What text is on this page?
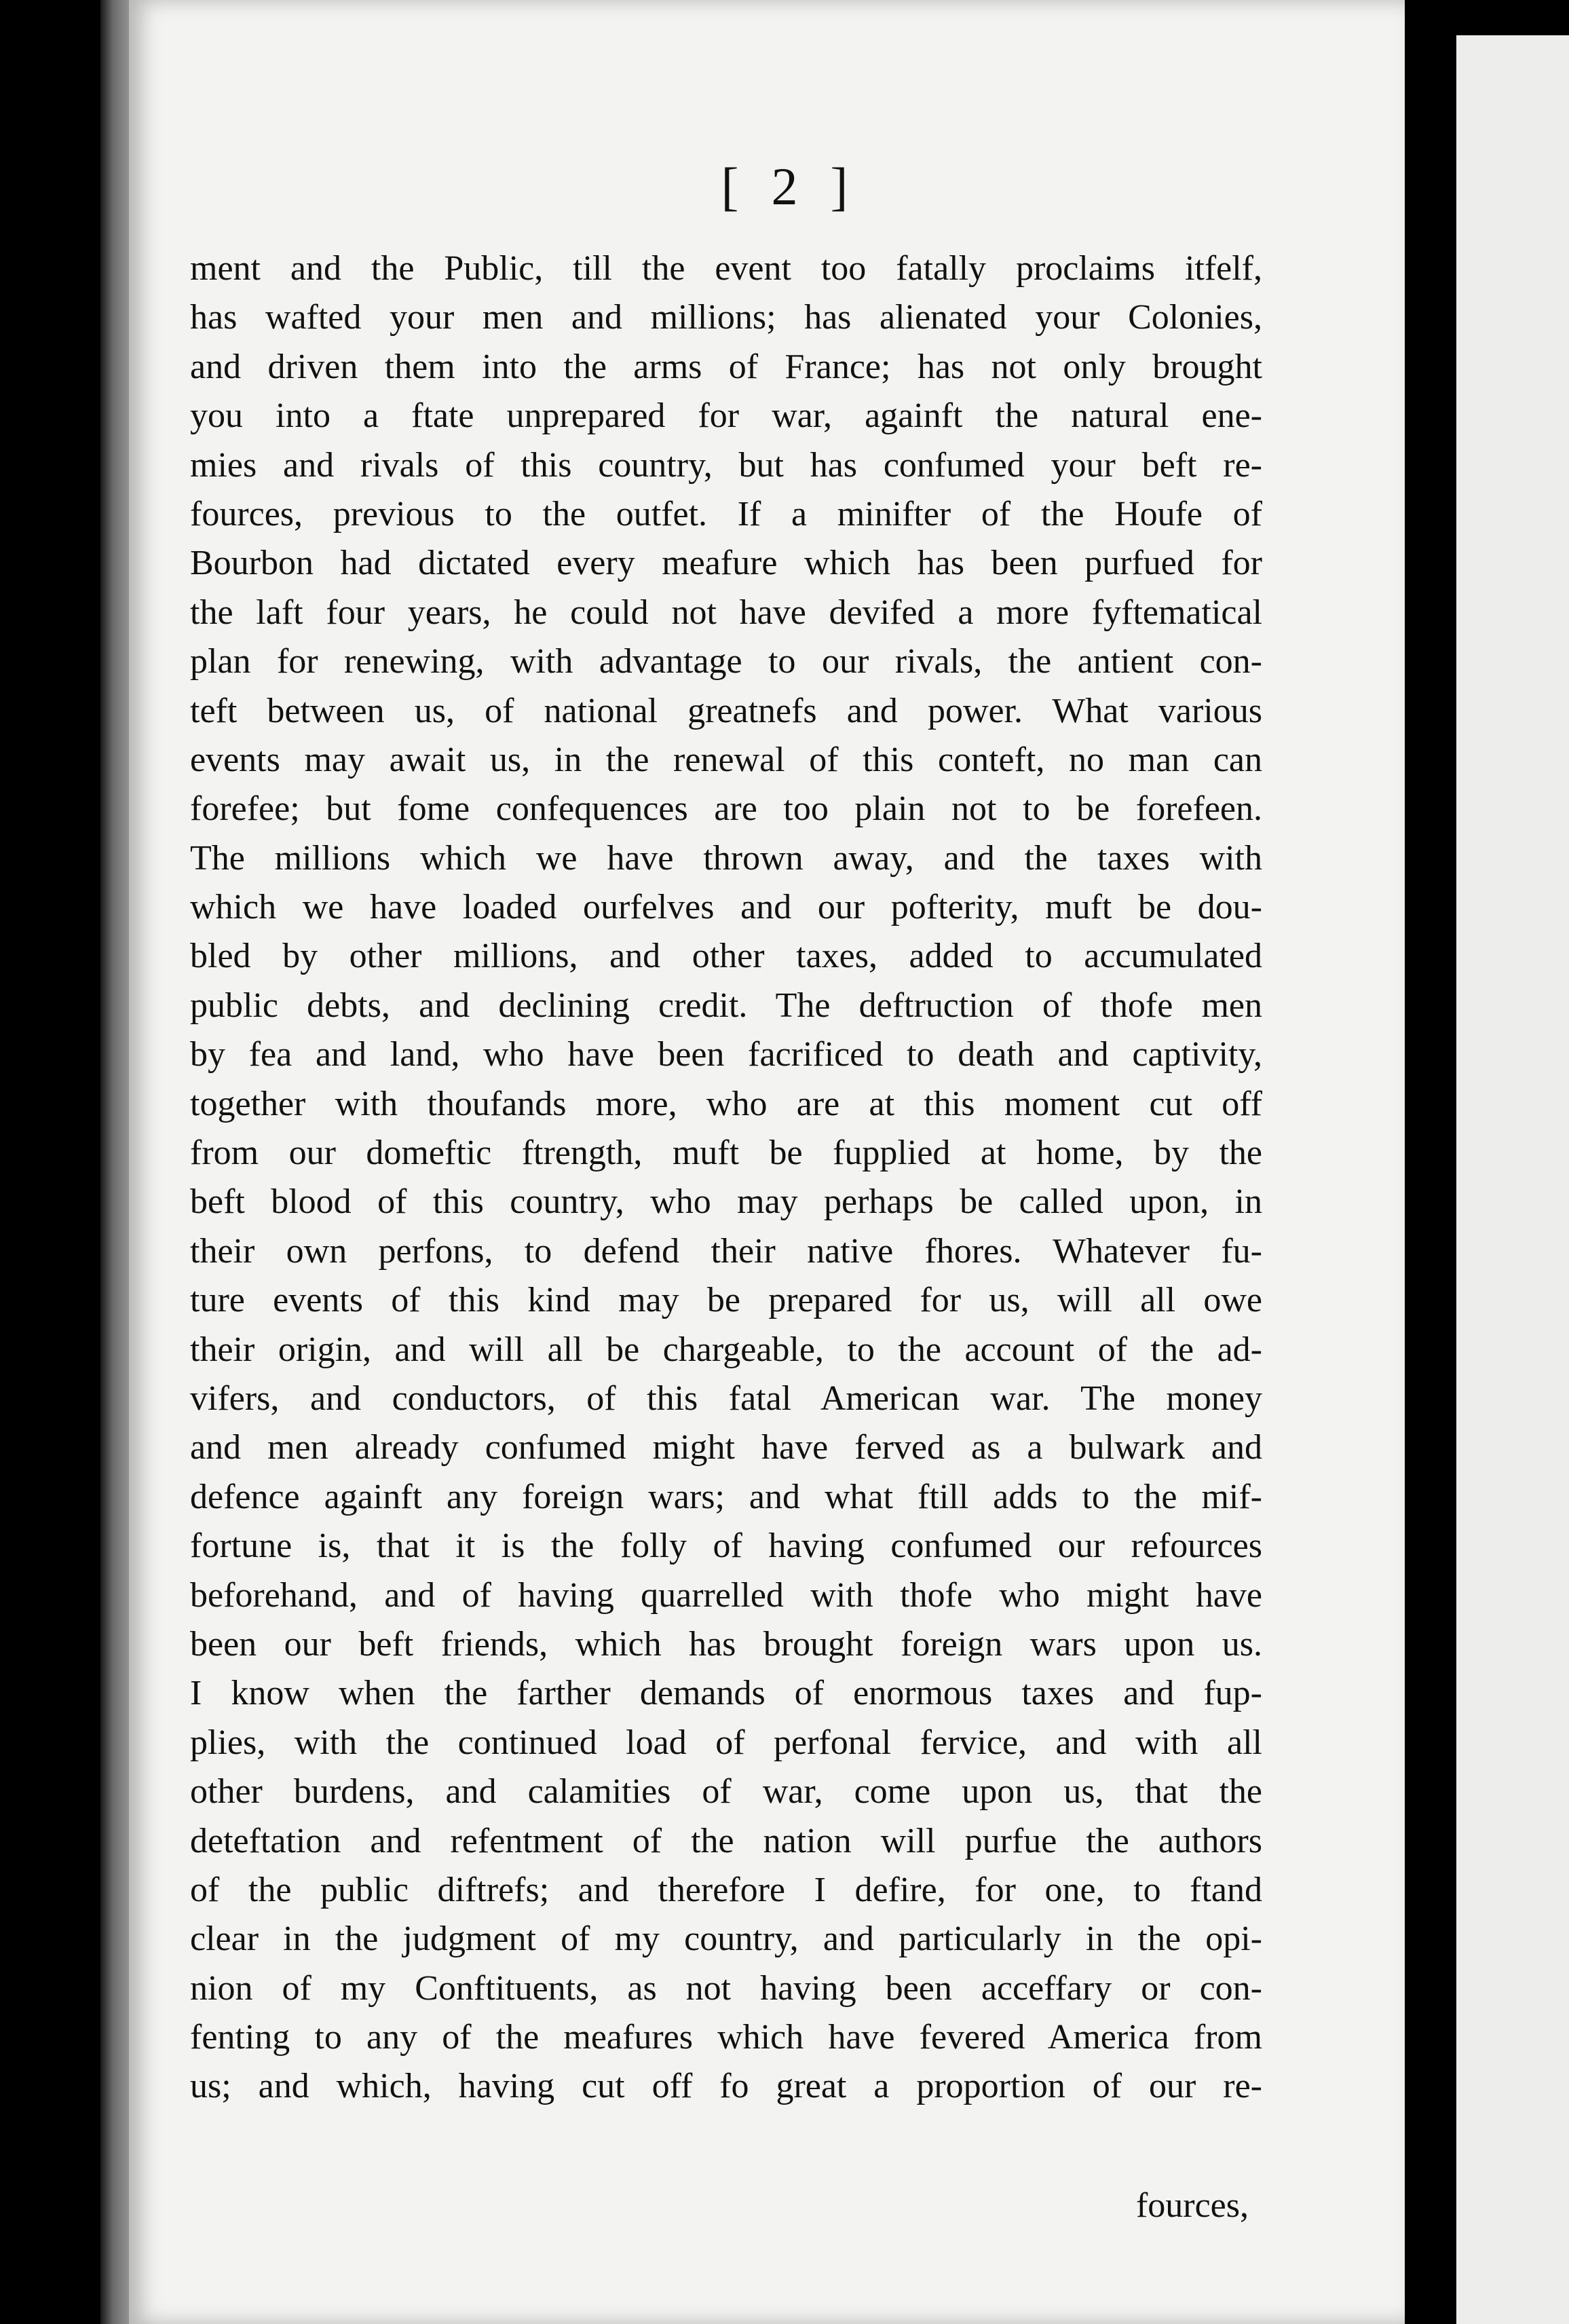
[ 2 ]
ment and the Public, till the event too fatally proclaims itfelf,
has wafted your men and millions; has alienated your Colonies,
and driven them into the arms of France; has not only brought
you into a ftate unprepared for war, againft the natural ene-
mies and rivals of this country, but has confumed your beft re-
fources, previous to the outfet. If a minifter of the Houfe of
Bourbon had dictated every meafure which has been purfued for
the laft four years, he could not have devifed a more fyftematical
plan for renewing, with advantage to our rivals, the antient con-
teft between us, of national greatnefs and power. What various
events may await us, in the renewal of this conteft, no man can
forefee; but fome confequences are too plain not to be forefeen.
The millions which we have thrown away, and the taxes with
which we have loaded ourfelves and our pofterity, muft be dou-
bled by other millions, and other taxes, added to accumulated
public debts, and declining credit. The deftruction of thofe men
by fea and land, who have been facrificed to death and captivity,
together with thoufands more, who are at this moment cut off
from our domeftic ftrength, muft be fupplied at home, by the
beft blood of this country, who may perhaps be called upon, in
their own perfons, to defend their native fhores. Whatever fu-
ture events of this kind may be prepared for us, will all owe
their origin, and will all be chargeable, to the account of the ad-
vifers, and conductors, of this fatal American war. The money
and men already confumed might have ferved as a bulwark and
defence againft any foreign wars; and what ftill adds to the mif-
fortune is, that it is the folly of having confumed our refources
beforehand, and of having quarrelled with thofe who might have
been our beft friends, which has brought foreign wars upon us.
I know when the farther demands of enormous taxes and fup-
plies, with the continued load of perfonal fervice, and with all
other burdens, and calamities of war, come upon us, that the
deteftation and refentment of the nation will purfue the authors
of the public diftrefs; and therefore I defire, for one, to ftand
clear in the judgment of my country, and particularly in the opi-
nion of my Conftituents, as not having been acceffary or con-
fenting to any of the meafures which have fevered America from
us; and which, having cut off fo great a proportion of our re-
fources,
